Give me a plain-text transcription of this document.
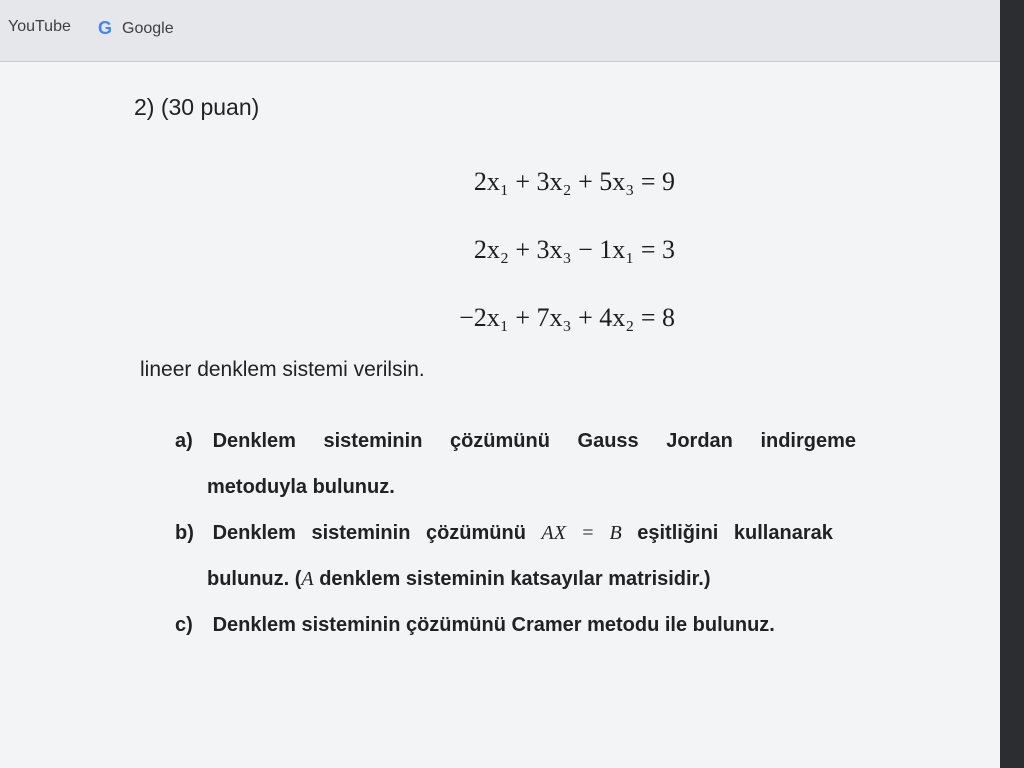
YouTube G Google
2) (30 puan)
2x₁ + 3x₂ + 5x₃ = 9
2x₂ + 3x₃ − 1x₁ = 3
−2x₁ + 7x₃ + 4x₂ = 8
lineer denklem sistemi verilsin.
a) Denklem sisteminin çözümünü Gauss Jordan indirgeme
metoduyla bulunuz.
b) Denklem sisteminin çözümünü AX = B eşitliğini kullanarak
bulunuz. (A denklem sisteminin katsayılar matrisidir.)
c) Denklem sisteminin çözümünü Cramer metodu ile bulunuz.
